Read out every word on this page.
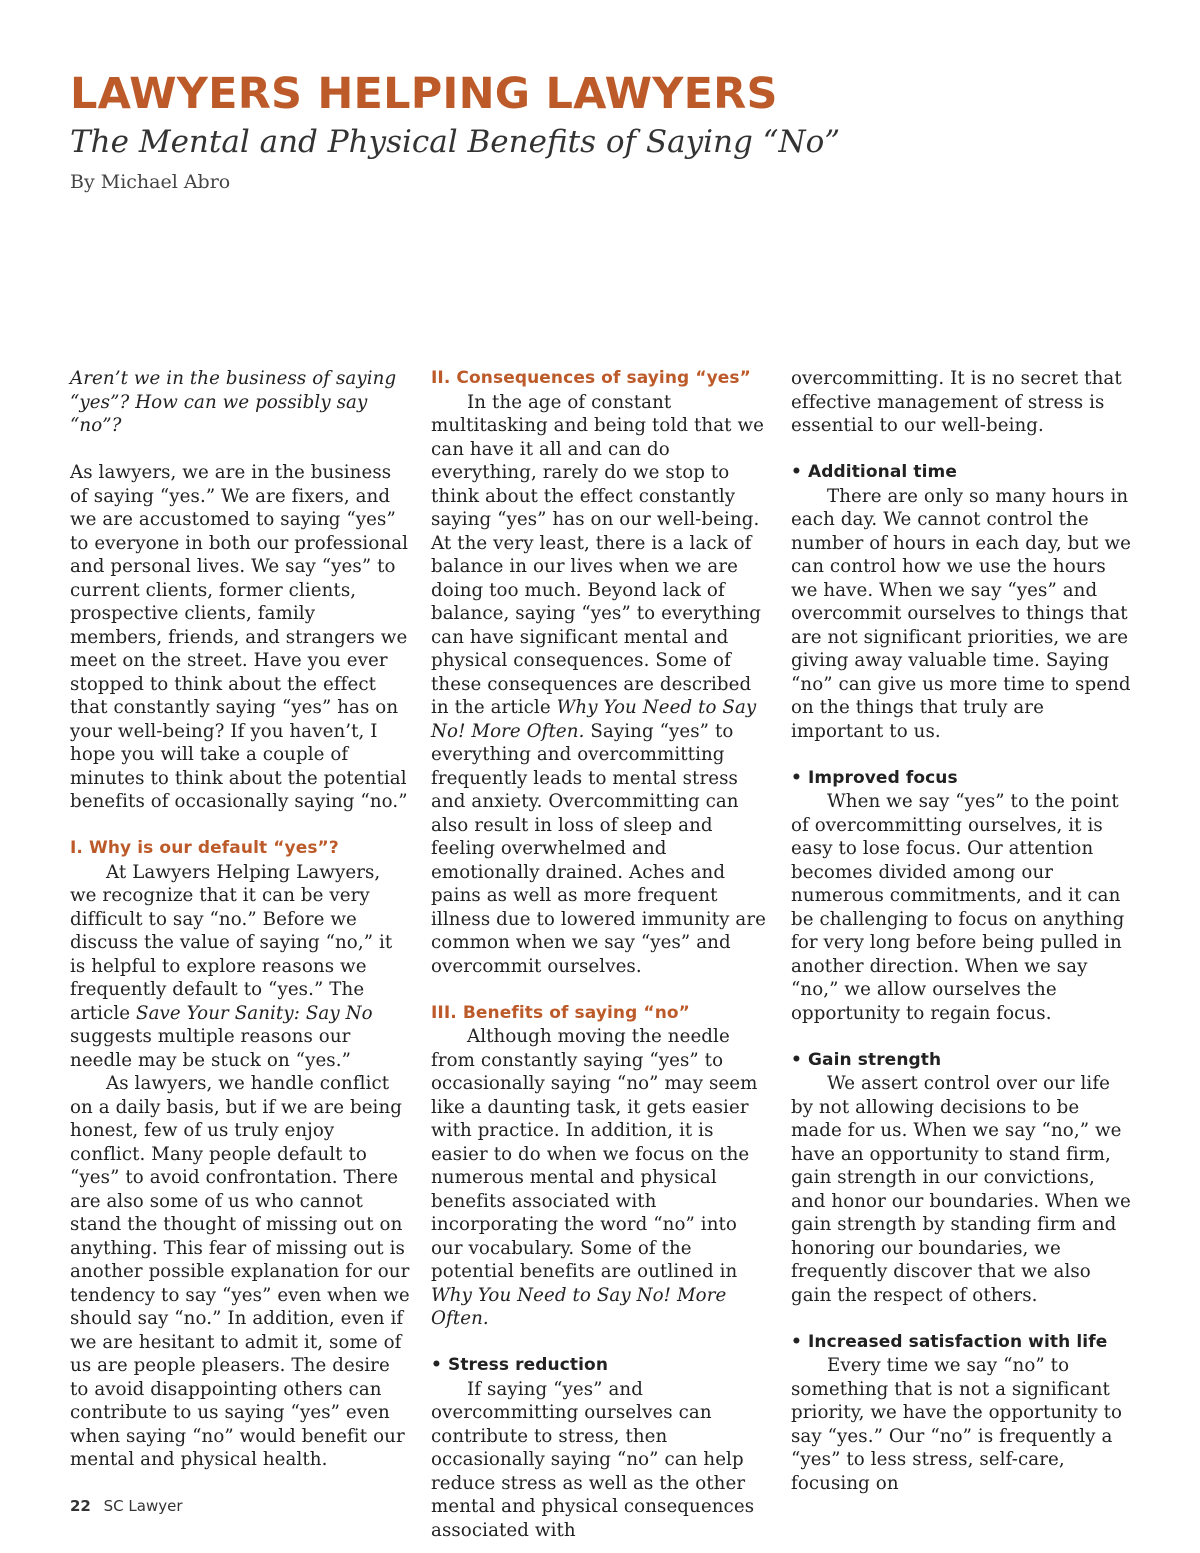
LAWYERS HELPING LAWYERS
The Mental and Physical Benefits of Saying “No”
By Michael Abro

Aren’t we in the business of saying “yes”? How can we possibly say “no”?

As lawyers, we are in the business of saying “yes.” We are fixers, and we are accustomed to saying “yes” to everyone in both our professional and personal lives. We say “yes” to current clients, former clients, prospective clients, family members, friends, and strangers we meet on the street. Have you ever stopped to think about the effect that constantly saying “yes” has on your well-being? If you haven’t, I hope you will take a couple of minutes to think about the potential benefits of occasionally saying “no.”

I. Why is our default “yes”?

At Lawyers Helping Lawyers, we recognize that it can be very difficult to say “no.” Before we discuss the value of saying “no,” it is helpful to explore reasons we frequently default to “yes.” The article Save Your Sanity: Say No suggests multiple reasons our needle may be stuck on “yes.”

As lawyers, we handle conflict on a daily basis, but if we are being honest, few of us truly enjoy conflict. Many people default to “yes” to avoid confrontation. There are also some of us who cannot stand the thought of missing out on anything. This fear of missing out is another possible explanation for our tendency to say “yes” even when we should say “no.” In addition, even if we are hesitant to admit it, some of us are people pleasers. The desire to avoid disappointing others can contribute to us saying “yes” even when saying “no” would benefit our mental and physical health.

II. Consequences of saying “yes”

In the age of constant multitasking and being told that we can have it all and can do everything, rarely do we stop to think about the effect constantly saying “yes” has on our well-being. At the very least, there is a lack of balance in our lives when we are doing too much. Beyond lack of balance, saying “yes” to everything can have significant mental and physical consequences. Some of these consequences are described in the article Why You Need to Say No! More Often. Saying “yes” to everything and overcommitting frequently leads to mental stress and anxiety. Overcommitting can also result in loss of sleep and feeling overwhelmed and emotionally drained. Aches and pains as well as more frequent illness due to lowered immunity are common when we say “yes” and overcommit ourselves.

III. Benefits of saying “no”

Although moving the needle from constantly saying “yes” to occasionally saying “no” may seem like a daunting task, it gets easier with practice. In addition, it is easier to do when we focus on the numerous mental and physical benefits associated with incorporating the word “no” into our vocabulary. Some of the potential benefits are outlined in Why You Need to Say No! More Often.

• Stress reduction

If saying “yes” and overcommitting ourselves can contribute to stress, then occasionally saying “no” can help reduce stress as well as the other mental and physical consequences associated with

overcommitting. It is no secret that effective management of stress is essential to our well-being.

• Additional time

There are only so many hours in each day. We cannot control the number of hours in each day, but we can control how we use the hours we have. When we say “yes” and overcommit ourselves to things that are not significant priorities, we are giving away valuable time. Saying “no” can give us more time to spend on the things that truly are important to us.

• Improved focus

When we say “yes” to the point of overcommitting ourselves, it is easy to lose focus. Our attention becomes divided among our numerous commitments, and it can be challenging to focus on anything for very long before being pulled in another direction. When we say “no,” we allow ourselves the opportunity to regain focus.

• Gain strength

We assert control over our life by not allowing decisions to be made for us. When we say “no,” we have an opportunity to stand firm, gain strength in our convictions, and honor our boundaries. When we gain strength by standing firm and honoring our boundaries, we frequently discover that we also gain the respect of others.

• Increased satisfaction with life

Every time we say “no” to something that is not a significant priority, we have the opportunity to say “yes.” Our “no” is frequently a “yes” to less stress, self-care, focusing on

22 SC Lawyer
